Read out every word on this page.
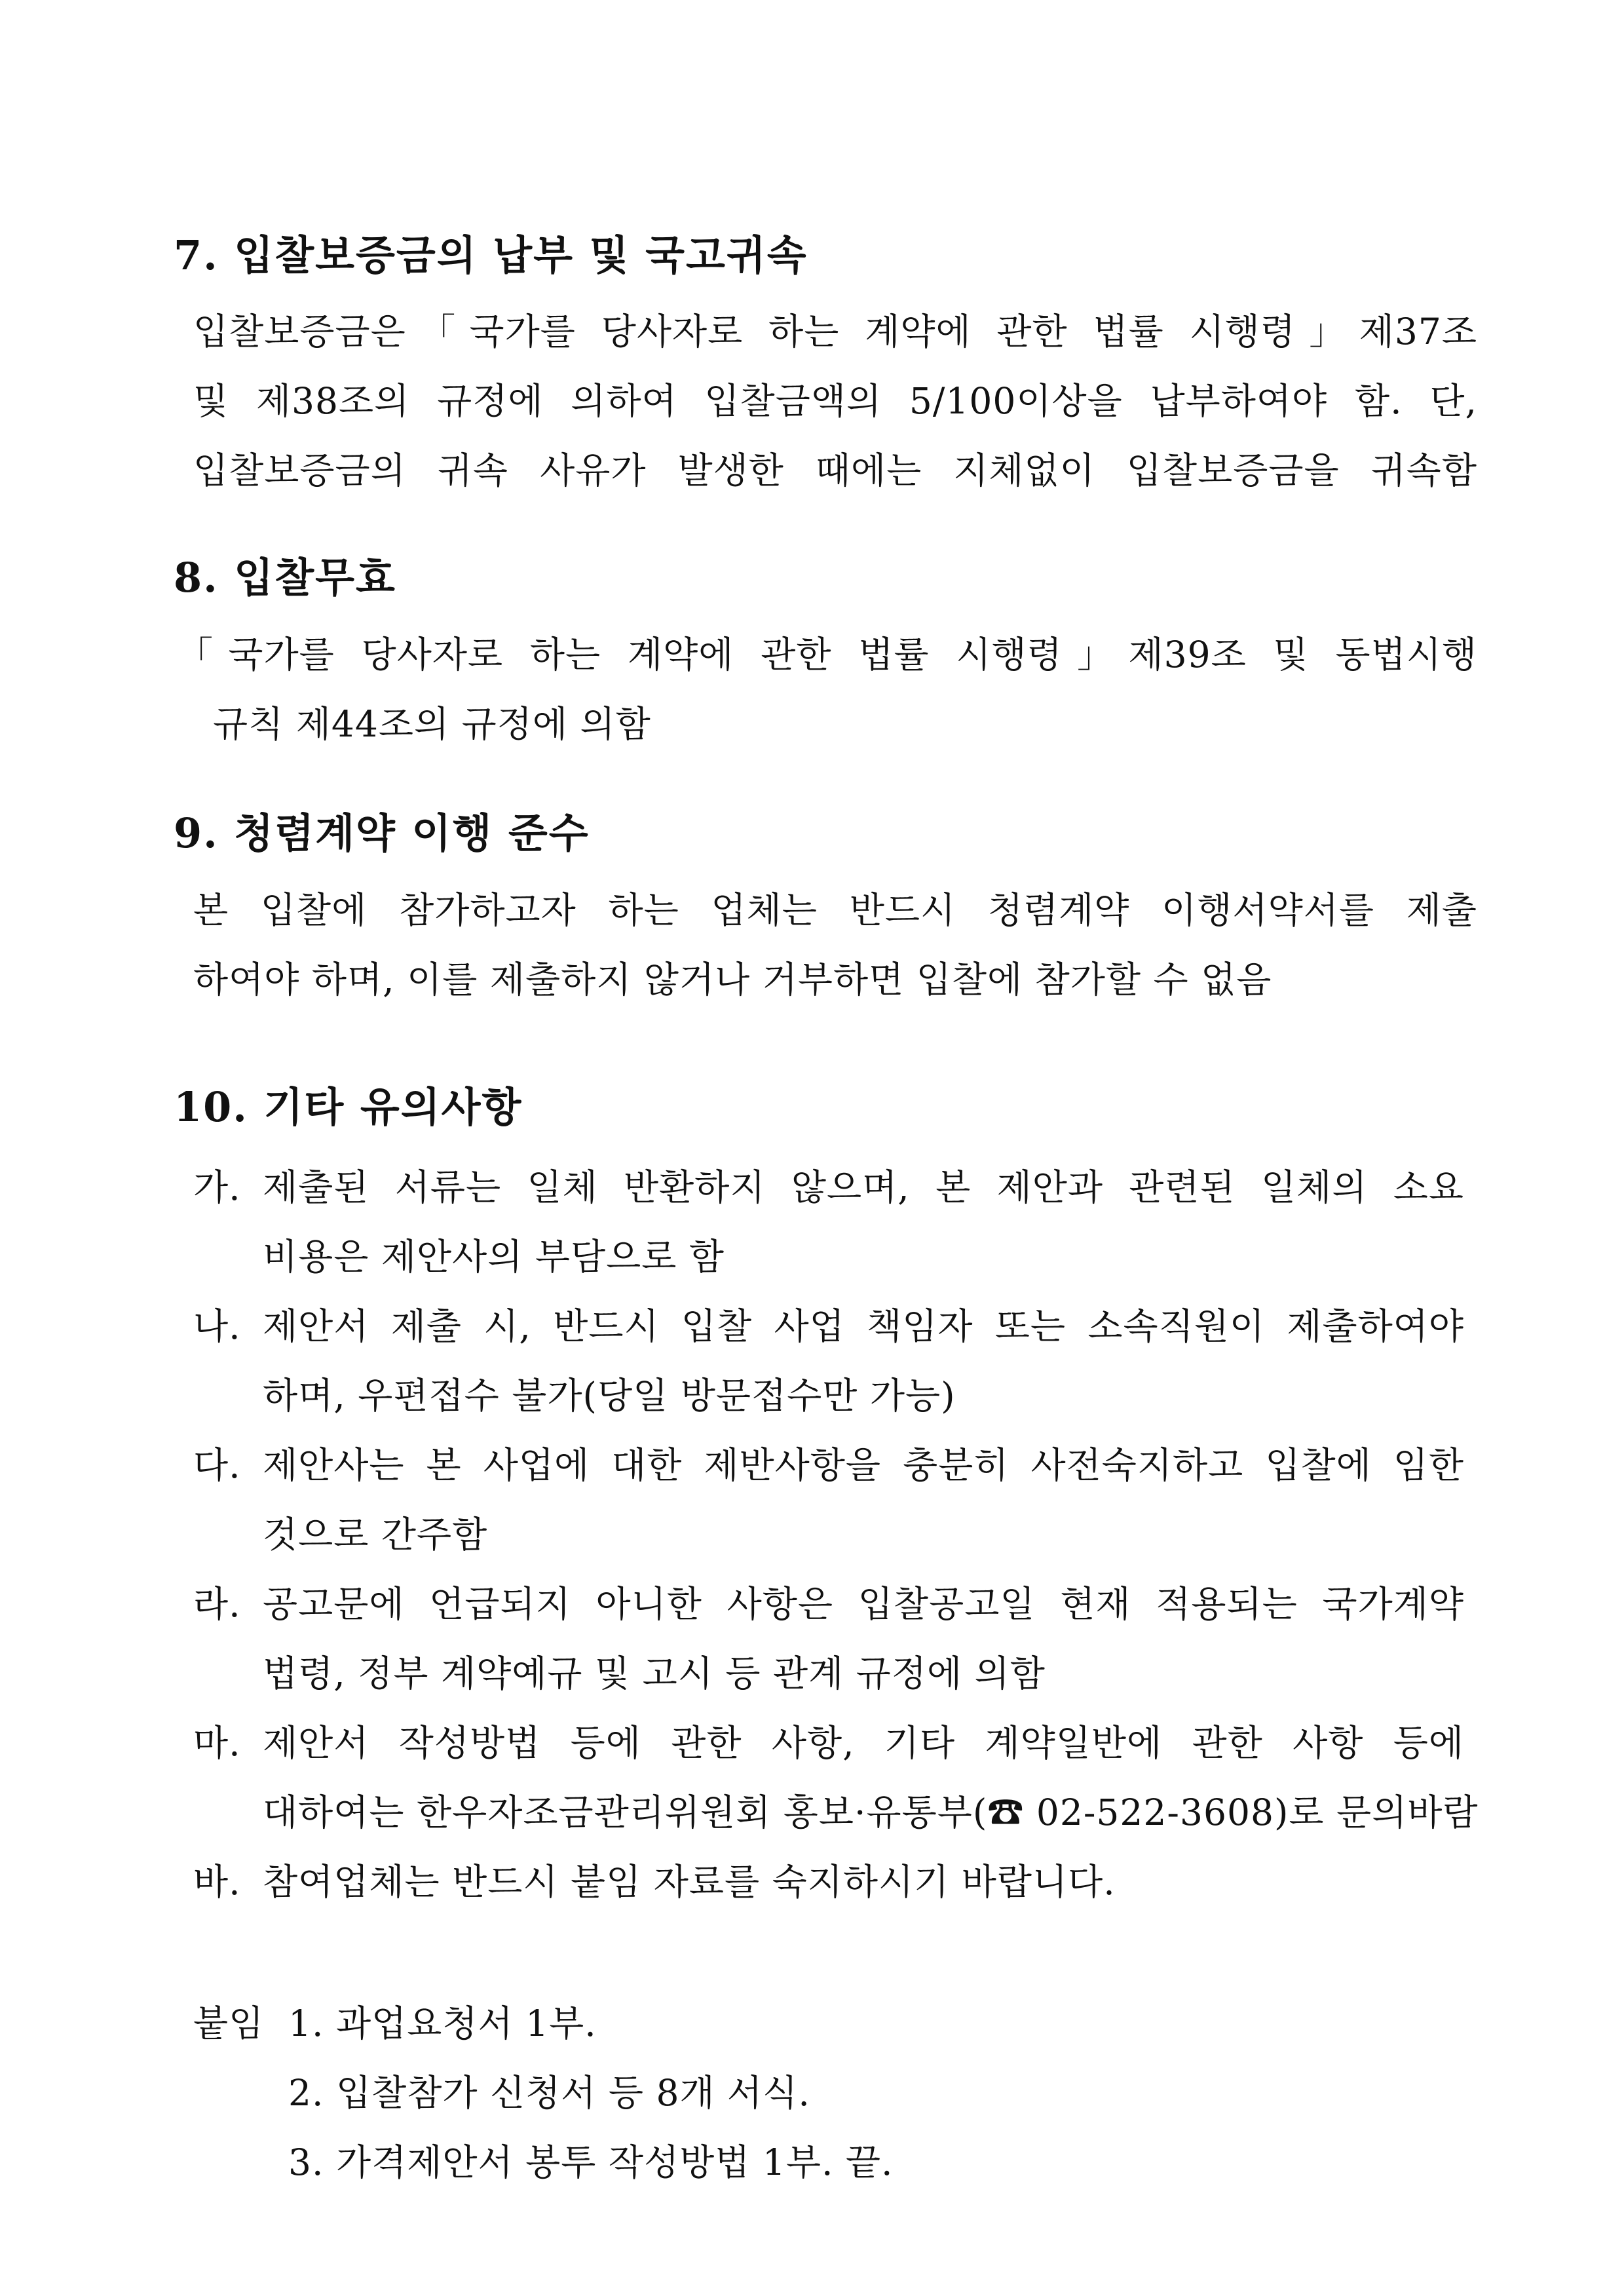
7. 입찰보증금의 납부 및 국고귀속
입찰보증금은「국가를 당사자로 하는 계약에 관한 법률 시행령」제37조
및 제38조의 규정에 의하여 입찰금액의 5/100이상을 납부하여야 함. 단,
입찰보증금의 귀속 사유가 발생한 때에는 지체없이 입찰보증금을 귀속함
8. 입찰무효
「국가를 당사자로 하는 계약에 관한 법률 시행령」제39조 및 동법시행
규칙 제44조의 규정에 의함
9. 청렴계약 이행 준수
본 입찰에 참가하고자 하는 업체는 반드시 청렴계약 이행서약서를 제출
하여야 하며, 이를 제출하지 않거나 거부하면 입찰에 참가할 수 없음
10. 기타 유의사항
가. 제출된 서류는 일체 반환하지 않으며, 본 제안과 관련된 일체의 소요
비용은 제안사의 부담으로 함
나. 제안서 제출 시, 반드시 입찰 사업 책임자 또는 소속직원이 제출하여야
하며, 우편접수 불가(당일 방문접수만 가능)
다. 제안사는 본 사업에 대한 제반사항을 충분히 사전숙지하고 입찰에 임한
것으로 간주함
라. 공고문에 언급되지 아니한 사항은 입찰공고일 현재 적용되는 국가계약
법령, 정부 계약예규 및 고시 등 관계 규정에 의함
마. 제안서 작성방법 등에 관한 사항, 기타 계약일반에 관한 사항 등에
대하여는 한우자조금관리위원회 홍보·유통부(☎ 02-522-3608)로 문의바람
바. 참여업체는 반드시 붙임 자료를 숙지하시기 바랍니다.
붙임 1. 과업요청서 1부.
2. 입찰참가 신청서 등 8개 서식.
3. 가격제안서 봉투 작성방법 1부. 끝.
